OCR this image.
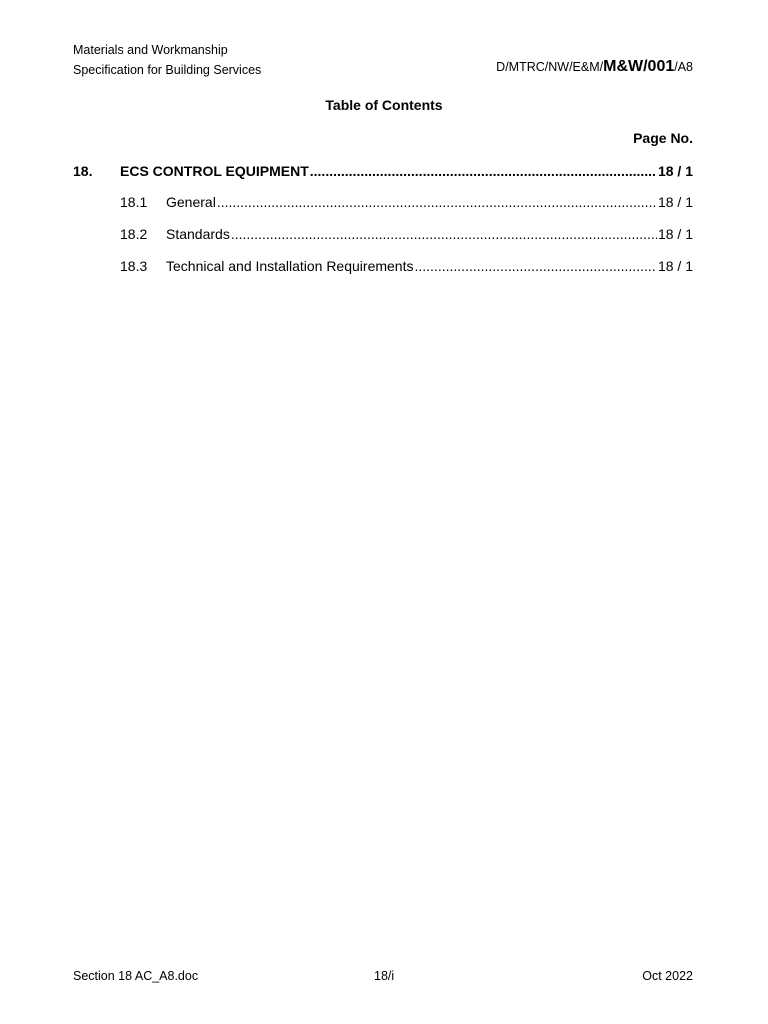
Materials and Workmanship
Specification for Building Services	D/MTRC/NW/E&M/M&W/001/A8
Table of Contents
Page No.
18.	ECS CONTROL EQUIPMENT .....	18 / 1
18.1	General .....	18 / 1
18.2	Standards .....	18 / 1
18.3	Technical and Installation Requirements .....	18 / 1
Section 18 AC_A8.doc	18/i	Oct 2022
